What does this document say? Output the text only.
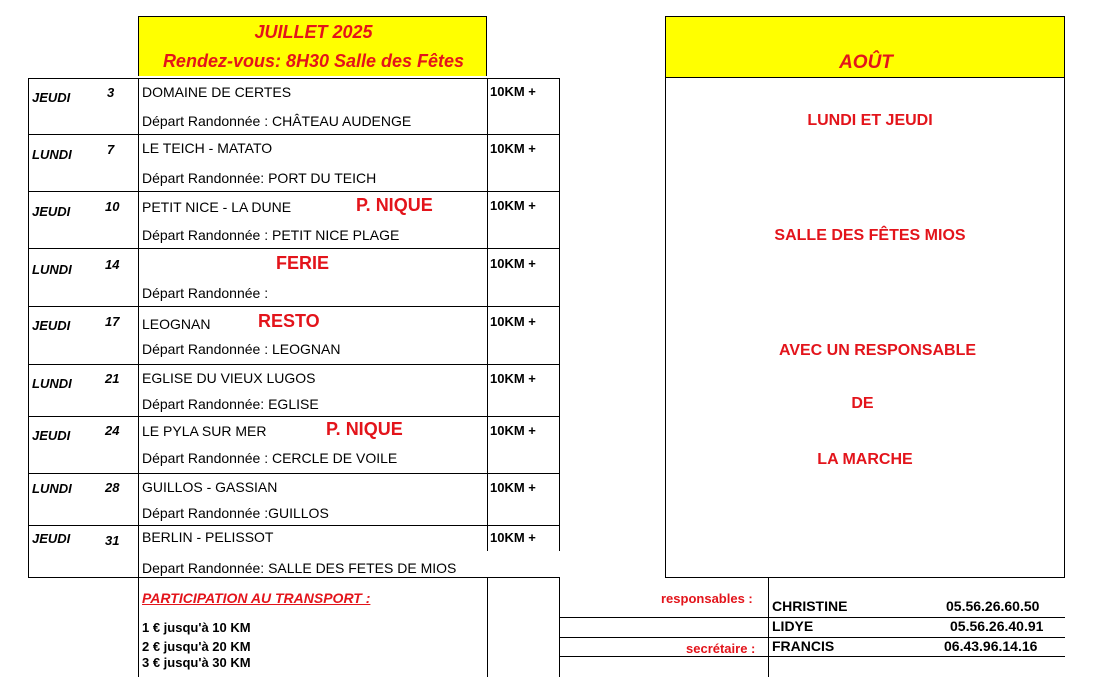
JUILLET 2025
Rendez-vous: 8H30 Salle des Fêtes
JEUDI	3 DOMAINE DE CERTES
Départ Randonnée : CHÂTEAU AUDENGE
10KM +
LUNDI	7 LE TEICH - MATATO
Départ Randonnée: PORT DU TEICH
10KM +
JEUDI	10 PETIT NICE - LA DUNE	P. NIQUE
Départ Randonnée : PETIT NICE PLAGE
10KM +
LUNDI	14	FERIE
Départ Randonnée :
10KM +
JEUDI	17 LEOGNAN	RESTO
Départ Randonnée : LEOGNAN
10KM +
LUNDI	21 EGLISE DU VIEUX LUGOS
Départ Randonnée: EGLISE
10KM +
JEUDI	24 LE PYLA SUR MER	P. NIQUE
Départ Randonnée : CERCLE DE VOILE
10KM +
LUNDI	28 GUILLOS - GASSIAN
Départ Randonnée :GUILLOS
10KM +
JEUDI	31 BERLIN - PELISSOT
Depart Randonnée: SALLE DES FETES DE MIOS
10KM +
AOÛT
LUNDI ET JEUDI
SALLE DES FÊTES MIOS
AVEC UN RESPONSABLE
DE
LA MARCHE
PARTICIPATION AU TRANSPORT :
1 € jusqu'à 10 KM
2 € jusqu'à 20 KM
3 € jusqu'à 30 KM
responsables :
secrétaire :
CHRISTINE	05.56.26.60.50
LIDYE	05.56.26.40.91
FRANCIS	06.43.96.14.16
